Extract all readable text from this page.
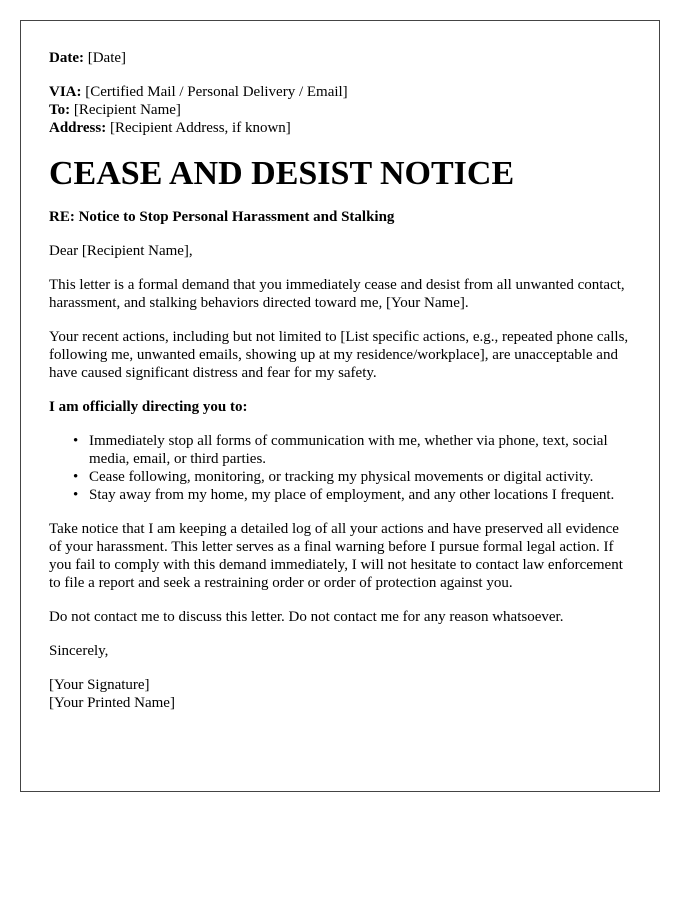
Date: [Date]

VIA: [Certified Mail / Personal Delivery / Email]

To: [Recipient Name]

Address: [Recipient Address, if known]

CEASE AND DESIST NOTICE

RE: Notice to Stop Personal Harassment and Stalking

Dear [Recipient Name],

This letter is a formal demand that you immediately cease and desist from all unwanted contact, harassment, and stalking behaviors directed toward me, [Your Name].

Your recent actions, including but not limited to [List specific actions, e.g., repeated phone calls, following me, unwanted emails, showing up at my residence/workplace], are unacceptable and have caused significant distress and fear for my safety.

I am officially directing you to:

• Immediately stop all forms of communication with me, whether via phone, text, social media, email, or third parties.
• Cease following, monitoring, or tracking my physical movements or digital activity.
• Stay away from my home, my place of employment, and any other locations I frequent.

Take notice that I am keeping a detailed log of all your actions and have preserved all evidence of your harassment. This letter serves as a final warning before I pursue formal legal action. If you fail to comply with this demand immediately, I will not hesitate to contact law enforcement to file a report and seek a restraining order or order of protection against you.

Do not contact me to discuss this letter. Do not contact me for any reason whatsoever.

Sincerely,

[Your Signature]

[Your Printed Name]
